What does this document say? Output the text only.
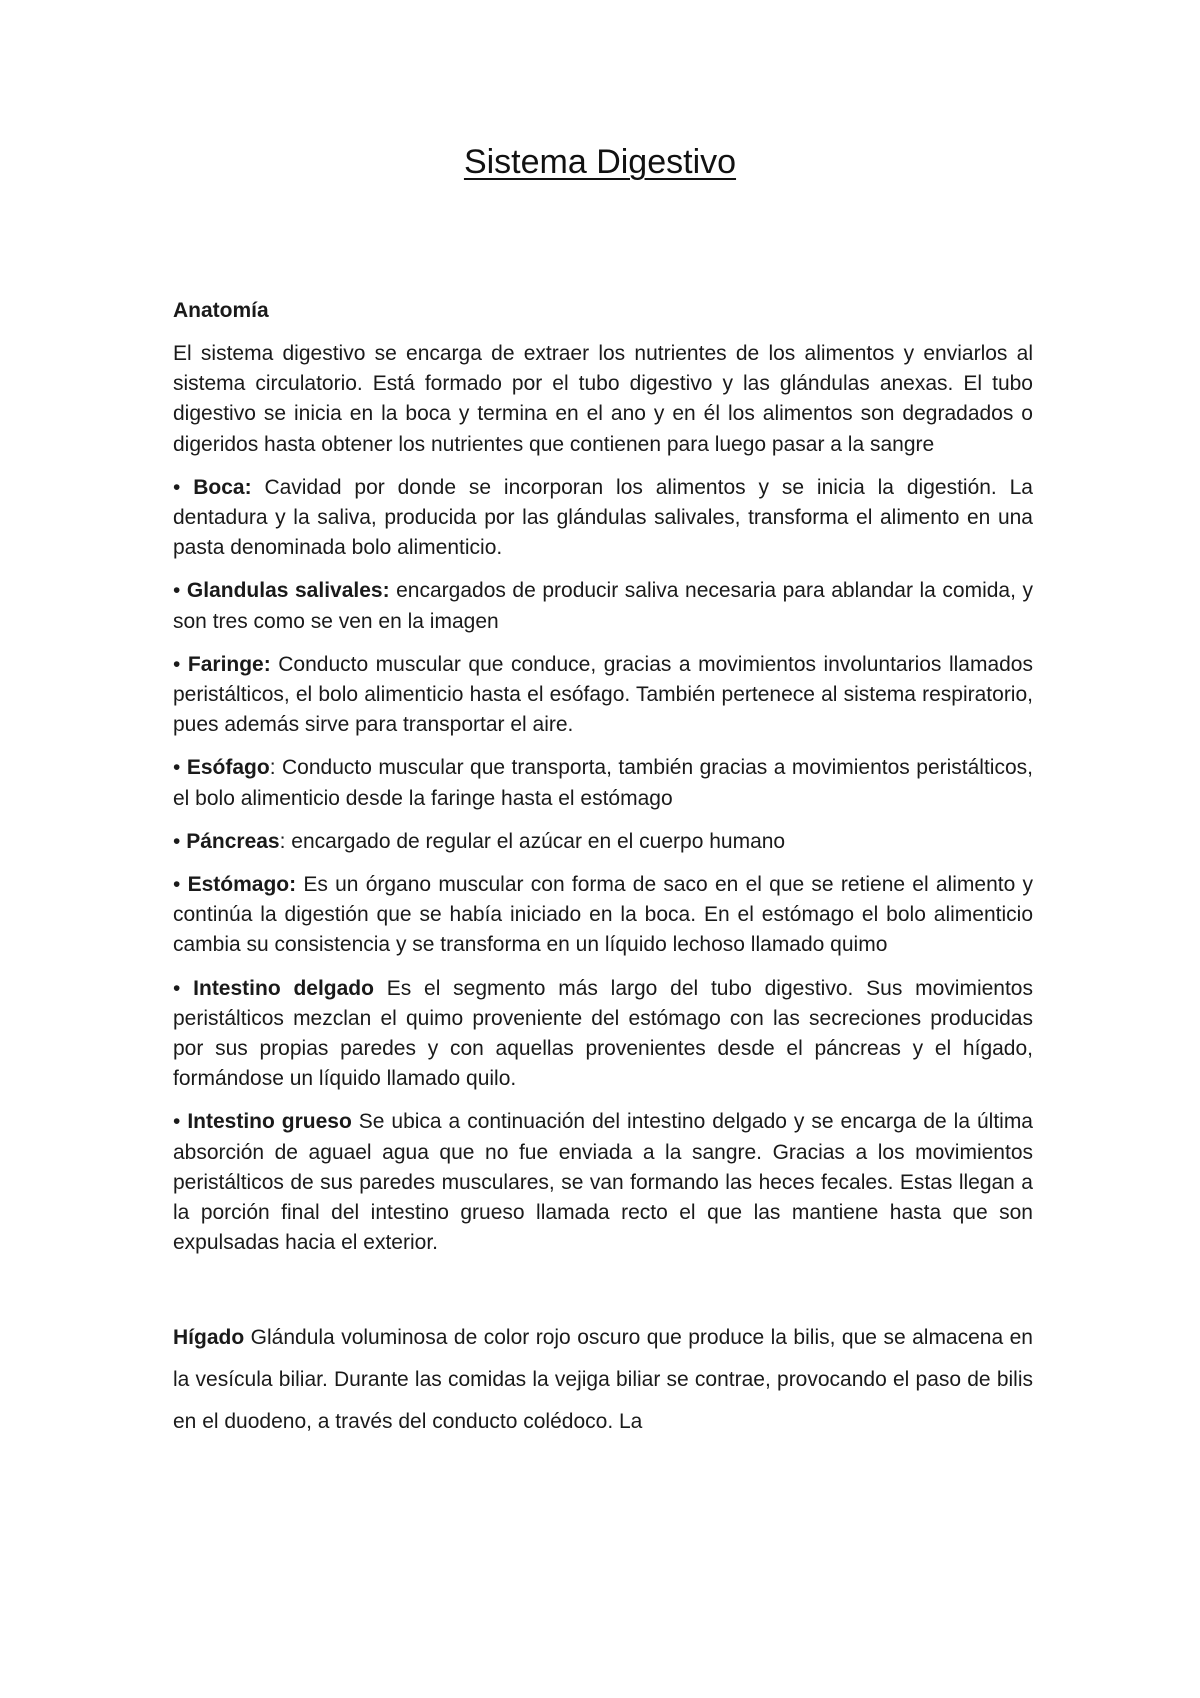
Sistema Digestivo

Anatomía

El sistema digestivo se encarga de extraer los nutrientes de los alimentos y enviarlos al sistema circulatorio. Está formado por el tubo digestivo y las glándulas anexas. El tubo digestivo se inicia en la boca y termina en el ano y en él los alimentos son degradados o digeridos hasta obtener los nutrientes que contienen para luego pasar a la sangre

• Boca: Cavidad por donde se incorporan los alimentos y se inicia la digestión. La dentadura y la saliva, producida por las glándulas salivales, transforma el alimento en una pasta denominada bolo alimenticio.

• Glandulas salivales: encargados de producir saliva necesaria para ablandar la comida, y son tres como se ven en la imagen

• Faringe: Conducto muscular que conduce, gracias a movimientos involuntarios llamados peristálticos, el bolo alimenticio hasta el esófago. También pertenece al sistema respiratorio, pues además sirve para transportar el aire.

• Esófago: Conducto muscular que transporta, también gracias a movimientos peristálticos, el bolo alimenticio desde la faringe hasta el estómago

• Páncreas: encargado de regular el azúcar en el cuerpo humano

• Estómago: Es un órgano muscular con forma de saco en el que se retiene el alimento y continúa la digestión que se había iniciado en la boca. En el estómago el bolo alimenticio cambia su consistencia y se transforma en un líquido lechoso llamado quimo

• Intestino delgado Es el segmento más largo del tubo digestivo. Sus movimientos peristálticos mezclan el quimo proveniente del estómago con las secreciones producidas por sus propias paredes y con aquellas provenientes desde el páncreas y el hígado, formándose un líquido llamado quilo.

• Intestino grueso Se ubica a continuación del intestino delgado y se encarga de la última absorción de aguael agua que no fue enviada a la sangre. Gracias a los movimientos peristálticos de sus paredes musculares, se van formando las heces fecales. Estas llegan a la porción final del intestino grueso llamada recto el que las mantiene hasta que son expulsadas hacia el exterior.

Hígado Glándula voluminosa de color rojo oscuro que produce la bilis, que se almacena en la vesícula biliar. Durante las comidas la vejiga biliar se contrae, provocando el paso de bilis en el duodeno, a través del conducto colédoco. La
